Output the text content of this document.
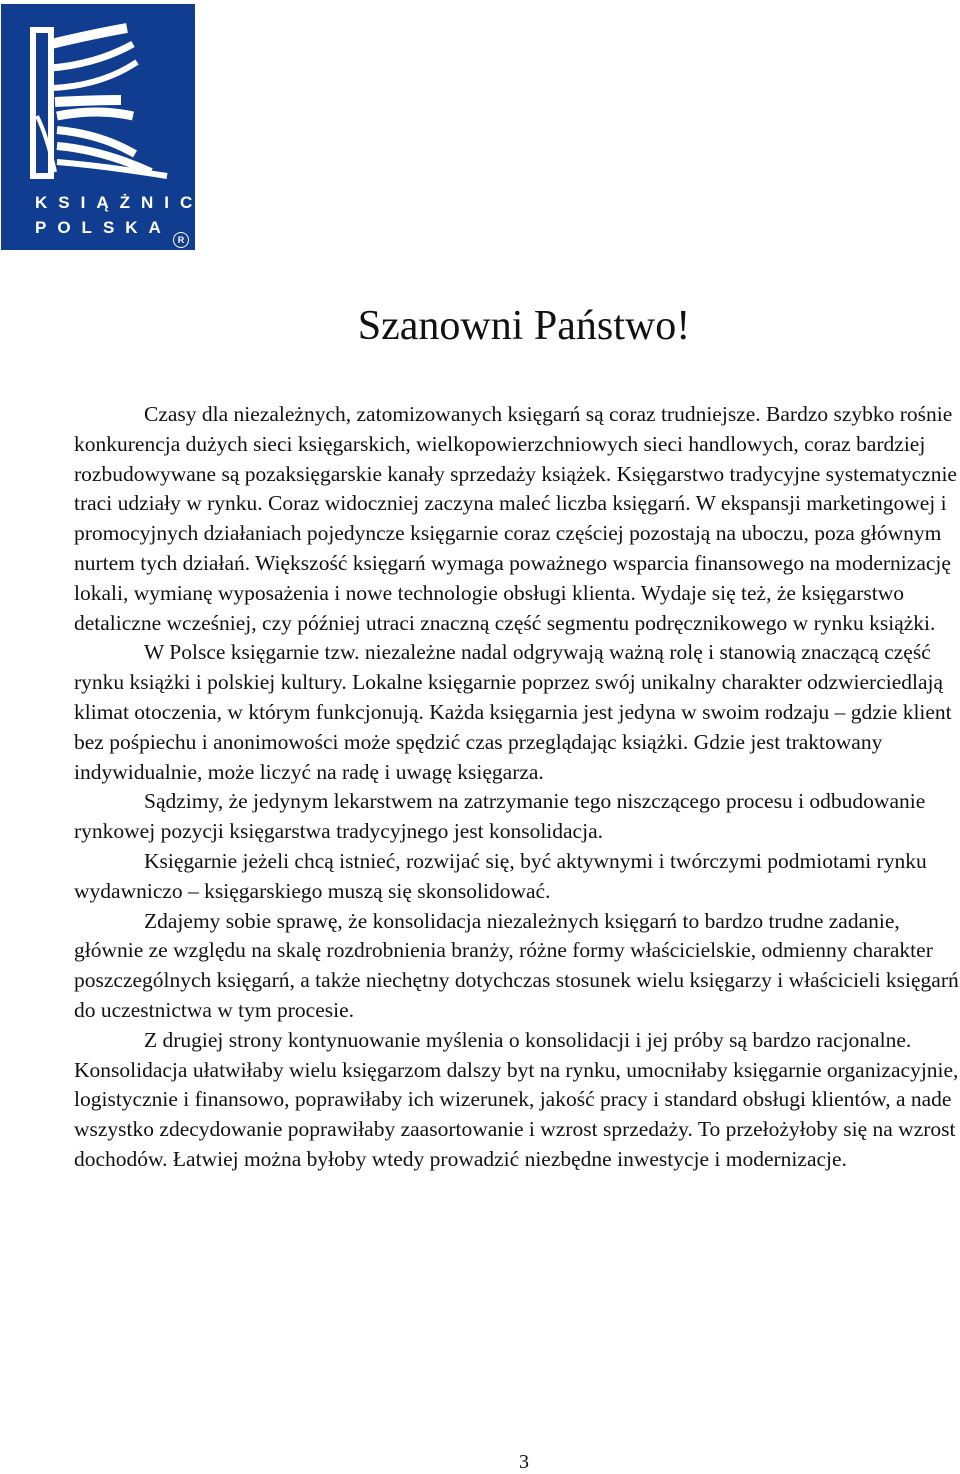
KSIĄŻNICA
POLSKA
R
Szanowni Państwo!

Czasy dla niezależnych, zatomizowanych księgarń są coraz trudniejsze. Bardzo szybko rośnie konkurencja dużych sieci księgarskich, wielkopowierzchniowych sieci handlowych, coraz bardziej rozbudowywane są pozaksięgarskie kanały sprzedaży książek. Księgarstwo tradycyjne systematycznie traci udziały w rynku. Coraz widoczniej zaczyna maleć liczba księgarń. W ekspansji marketingowej i promocyjnych działaniach pojedyncze księgarnie coraz częściej pozostają na uboczu, poza głównym nurtem tych działań. Większość księgarń wymaga poważnego wsparcia finansowego na modernizację lokali, wymianę wyposażenia i nowe technologie obsługi klienta. Wydaje się też, że księgarstwo detaliczne wcześniej, czy później utraci znaczną część segmentu podręcznikowego w rynku książki.

W Polsce księgarnie tzw. niezależne nadal odgrywają ważną rolę i stanowią znaczącą część rynku książki i polskiej kultury. Lokalne księgarnie poprzez swój unikalny charakter odzwierciedlają klimat otoczenia, w którym funkcjonują. Każda księgarnia jest jedyna w swoim rodzaju – gdzie klient bez pośpiechu i anonimowości może spędzić czas przeglądając książki. Gdzie jest traktowany indywidualnie, może liczyć na radę i uwagę księgarza.

Sądzimy, że jedynym lekarstwem na zatrzymanie tego niszczącego procesu i odbudowanie rynkowej pozycji księgarstwa tradycyjnego jest konsolidacja.

Księgarnie jeżeli chcą istnieć, rozwijać się, być aktywnymi i twórczymi podmiotami rynku wydawniczo – księgarskiego muszą się skonsolidować.

Zdajemy sobie sprawę, że konsolidacja niezależnych księgarń to bardzo trudne zadanie, głównie ze względu na skalę rozdrobnienia branży, różne formy właścicielskie, odmienny charakter poszczególnych księgarń, a także niechętny dotychczas stosunek wielu księgarzy i właścicieli księgarń do uczestnictwa w tym procesie.

Z drugiej strony kontynuowanie myślenia o konsolidacji i jej próby są bardzo racjonalne. Konsolidacja ułatwiłaby wielu księgarzom dalszy byt na rynku, umocniłaby księgarnie organizacyjnie, logistycznie i finansowo, poprawiłaby ich wizerunek, jakość pracy i standard obsługi klientów, a nade wszystko zdecydowanie poprawiłaby zaasortowanie i wzrost sprzedaży. To przełożyłoby się na wzrost dochodów. Łatwiej można byłoby wtedy prowadzić niezbędne inwestycje i modernizacje.

3
